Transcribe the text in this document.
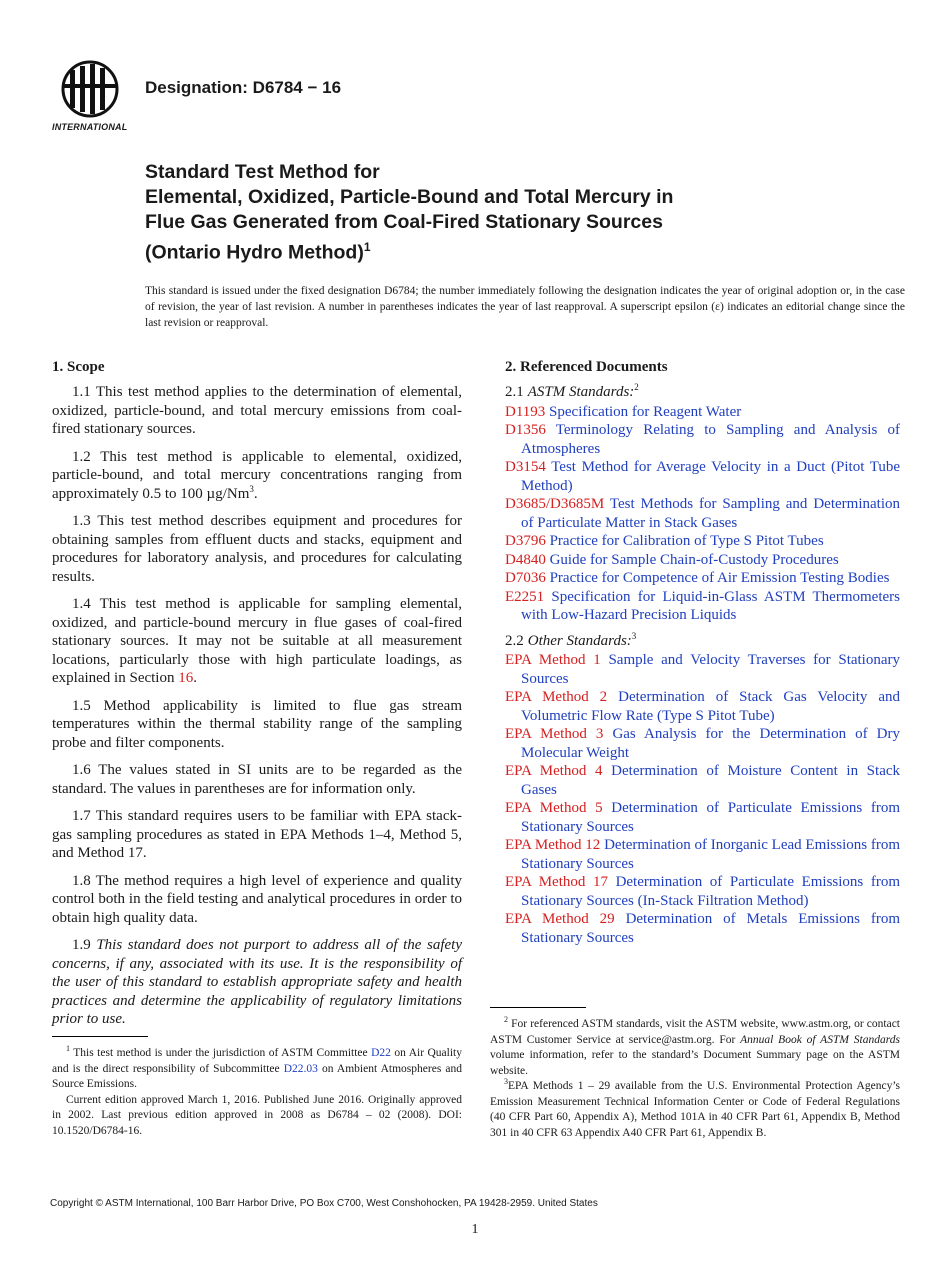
INTERNATIONAL
Designation: D6784 − 16
Standard Test Method for
Elemental, Oxidized, Particle-Bound and Total Mercury in
Flue Gas Generated from Coal-Fired Stationary Sources
(Ontario Hydro Method)$^1$
This standard is issued under the fixed designation D6784; the number immediately following the designation indicates the year of original adoption or, in the case of revision, the year of last revision. A number in parentheses indicates the year of last reapproval. A superscript epsilon (ε) indicates an editorial change since the last revision or reapproval.
1. Scope

1.1 This test method applies to the determination of elemental, oxidized, particle-bound, and total mercury emissions from coal-fired stationary sources.

1.2 This test method is applicable to elemental, oxidized, particle-bound, and total mercury concentrations ranging from approximately 0.5 to 100 µg/Nm$^3$.

1.3 This test method describes equipment and procedures for obtaining samples from effluent ducts and stacks, equipment and procedures for laboratory analysis, and procedures for calculating results.

1.4 This test method is applicable for sampling elemental, oxidized, and particle-bound mercury in flue gases of coal-fired stationary sources. It may not be suitable at all measurement locations, particularly those with high particulate loadings, as explained in Section 16.

1.5 Method applicability is limited to flue gas stream temperatures within the thermal stability range of the sampling probe and filter components.

1.6 The values stated in SI units are to be regarded as the standard. The values in parentheses are for information only.

1.7 This standard requires users to be familiar with EPA stack-gas sampling procedures as stated in EPA Methods 1–4, Method 5, and Method 17.

1.8 The method requires a high level of experience and quality control both in the field testing and analytical procedures in order to obtain high quality data.

1.9 This standard does not purport to address all of the safety concerns, if any, associated with its use. It is the responsibility of the user of this standard to establish appropriate safety and health practices and determine the applicability of regulatory limitations prior to use.

2. Referenced Documents
2.1 ASTM Standards:$^2$
D1193 Specification for Reagent Water
D1356 Terminology Relating to Sampling and Analysis of Atmospheres
D3154 Test Method for Average Velocity in a Duct (Pitot Tube Method)
D3685/D3685M Test Methods for Sampling and Determination of Particulate Matter in Stack Gases
D3796 Practice for Calibration of Type S Pitot Tubes
D4840 Guide for Sample Chain-of-Custody Procedures
D7036 Practice for Competence of Air Emission Testing Bodies
E2251 Specification for Liquid-in-Glass ASTM Thermometers with Low-Hazard Precision Liquids
2.2 Other Standards:$^3$
EPA Method 1 Sample and Velocity Traverses for Stationary Sources
EPA Method 2 Determination of Stack Gas Velocity and Volumetric Flow Rate (Type S Pitot Tube)
EPA Method 3 Gas Analysis for the Determination of Dry Molecular Weight
EPA Method 4 Determination of Moisture Content in Stack Gases
EPA Method 5 Determination of Particulate Emissions from Stationary Sources
EPA Method 12 Determination of Inorganic Lead Emissions from Stationary Sources
EPA Method 17 Determination of Particulate Emissions from Stationary Sources (In-Stack Filtration Method)
EPA Method 29 Determination of Metals Emissions from Stationary Sources

$^1$ This test method is under the jurisdiction of ASTM Committee D22 on Air Quality and is the direct responsibility of Subcommittee D22.03 on Ambient Atmospheres and Source Emissions.

Current edition approved March 1, 2016. Published June 2016. Originally approved in 2002. Last previous edition approved in 2008 as D6784 – 02 (2008). DOI: 10.1520/D6784-16.

$^2$ For referenced ASTM standards, visit the ASTM website, www.astm.org, or contact ASTM Customer Service at service@astm.org. For Annual Book of ASTM Standards volume information, refer to the standard’s Document Summary page on the ASTM website.

$^3$EPA Methods 1 – 29 available from the U.S. Environmental Protection Agency’s Emission Measurement Technical Information Center or Code of Federal Regulations (40 CFR Part 60, Appendix A), Method 101A in 40 CFR Part 61, Appendix B, Method 301 in 40 CFR 63 Appendix A40 CFR Part 61, Appendix B.

Copyright © ASTM International, 100 Barr Harbor Drive, PO Box C700, West Conshohocken, PA 19428-2959. United States
1
